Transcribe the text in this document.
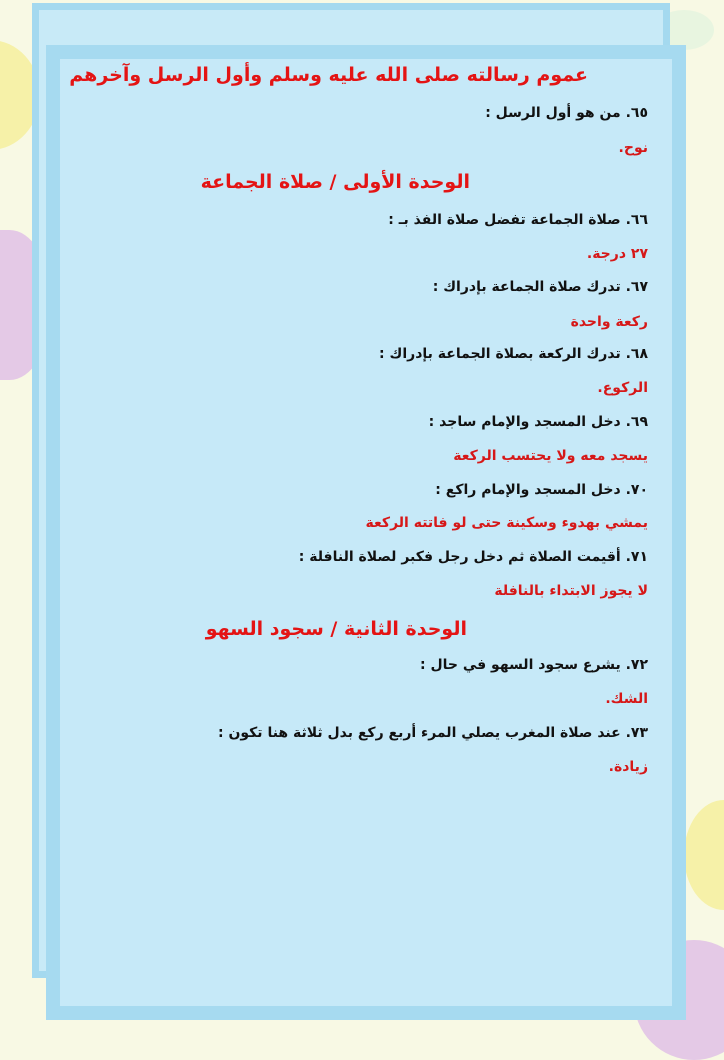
عموم رسالته صلى الله عليه وسلم وأول الرسل وآخرهم
٦٥. من هو أول الرسل :
نوح.
الوحدة الأولى / صلاة الجماعة
٦٦. صلاة الجماعة تفضل صلاة الفذ بـ :
٢٧ درجة.
٦٧. تدرك صلاة الجماعة بإدراك :
ركعة واحدة
٦٨. تدرك الركعة بصلاة الجماعة بإدراك :
الركوع.
٦٩. دخل المسجد والإمام ساجد :
يسجد معه ولا يحتسب الركعة
٧٠. دخل المسجد والإمام راكع :
يمشي بهدوء وسكينة حتى لو فاتته الركعة
٧١. أقيمت الصلاة ثم دخل رجل فكبر لصلاة النافلة :
لا يجوز الابتداء بالنافلة
الوحدة الثانية / سجود السهو
٧٢. يشرع سجود السهو في حال :
الشك.
٧٣. عند صلاة المغرب يصلي المرء أربع ركع بدل ثلاثة هنا تكون :
زيادة.
